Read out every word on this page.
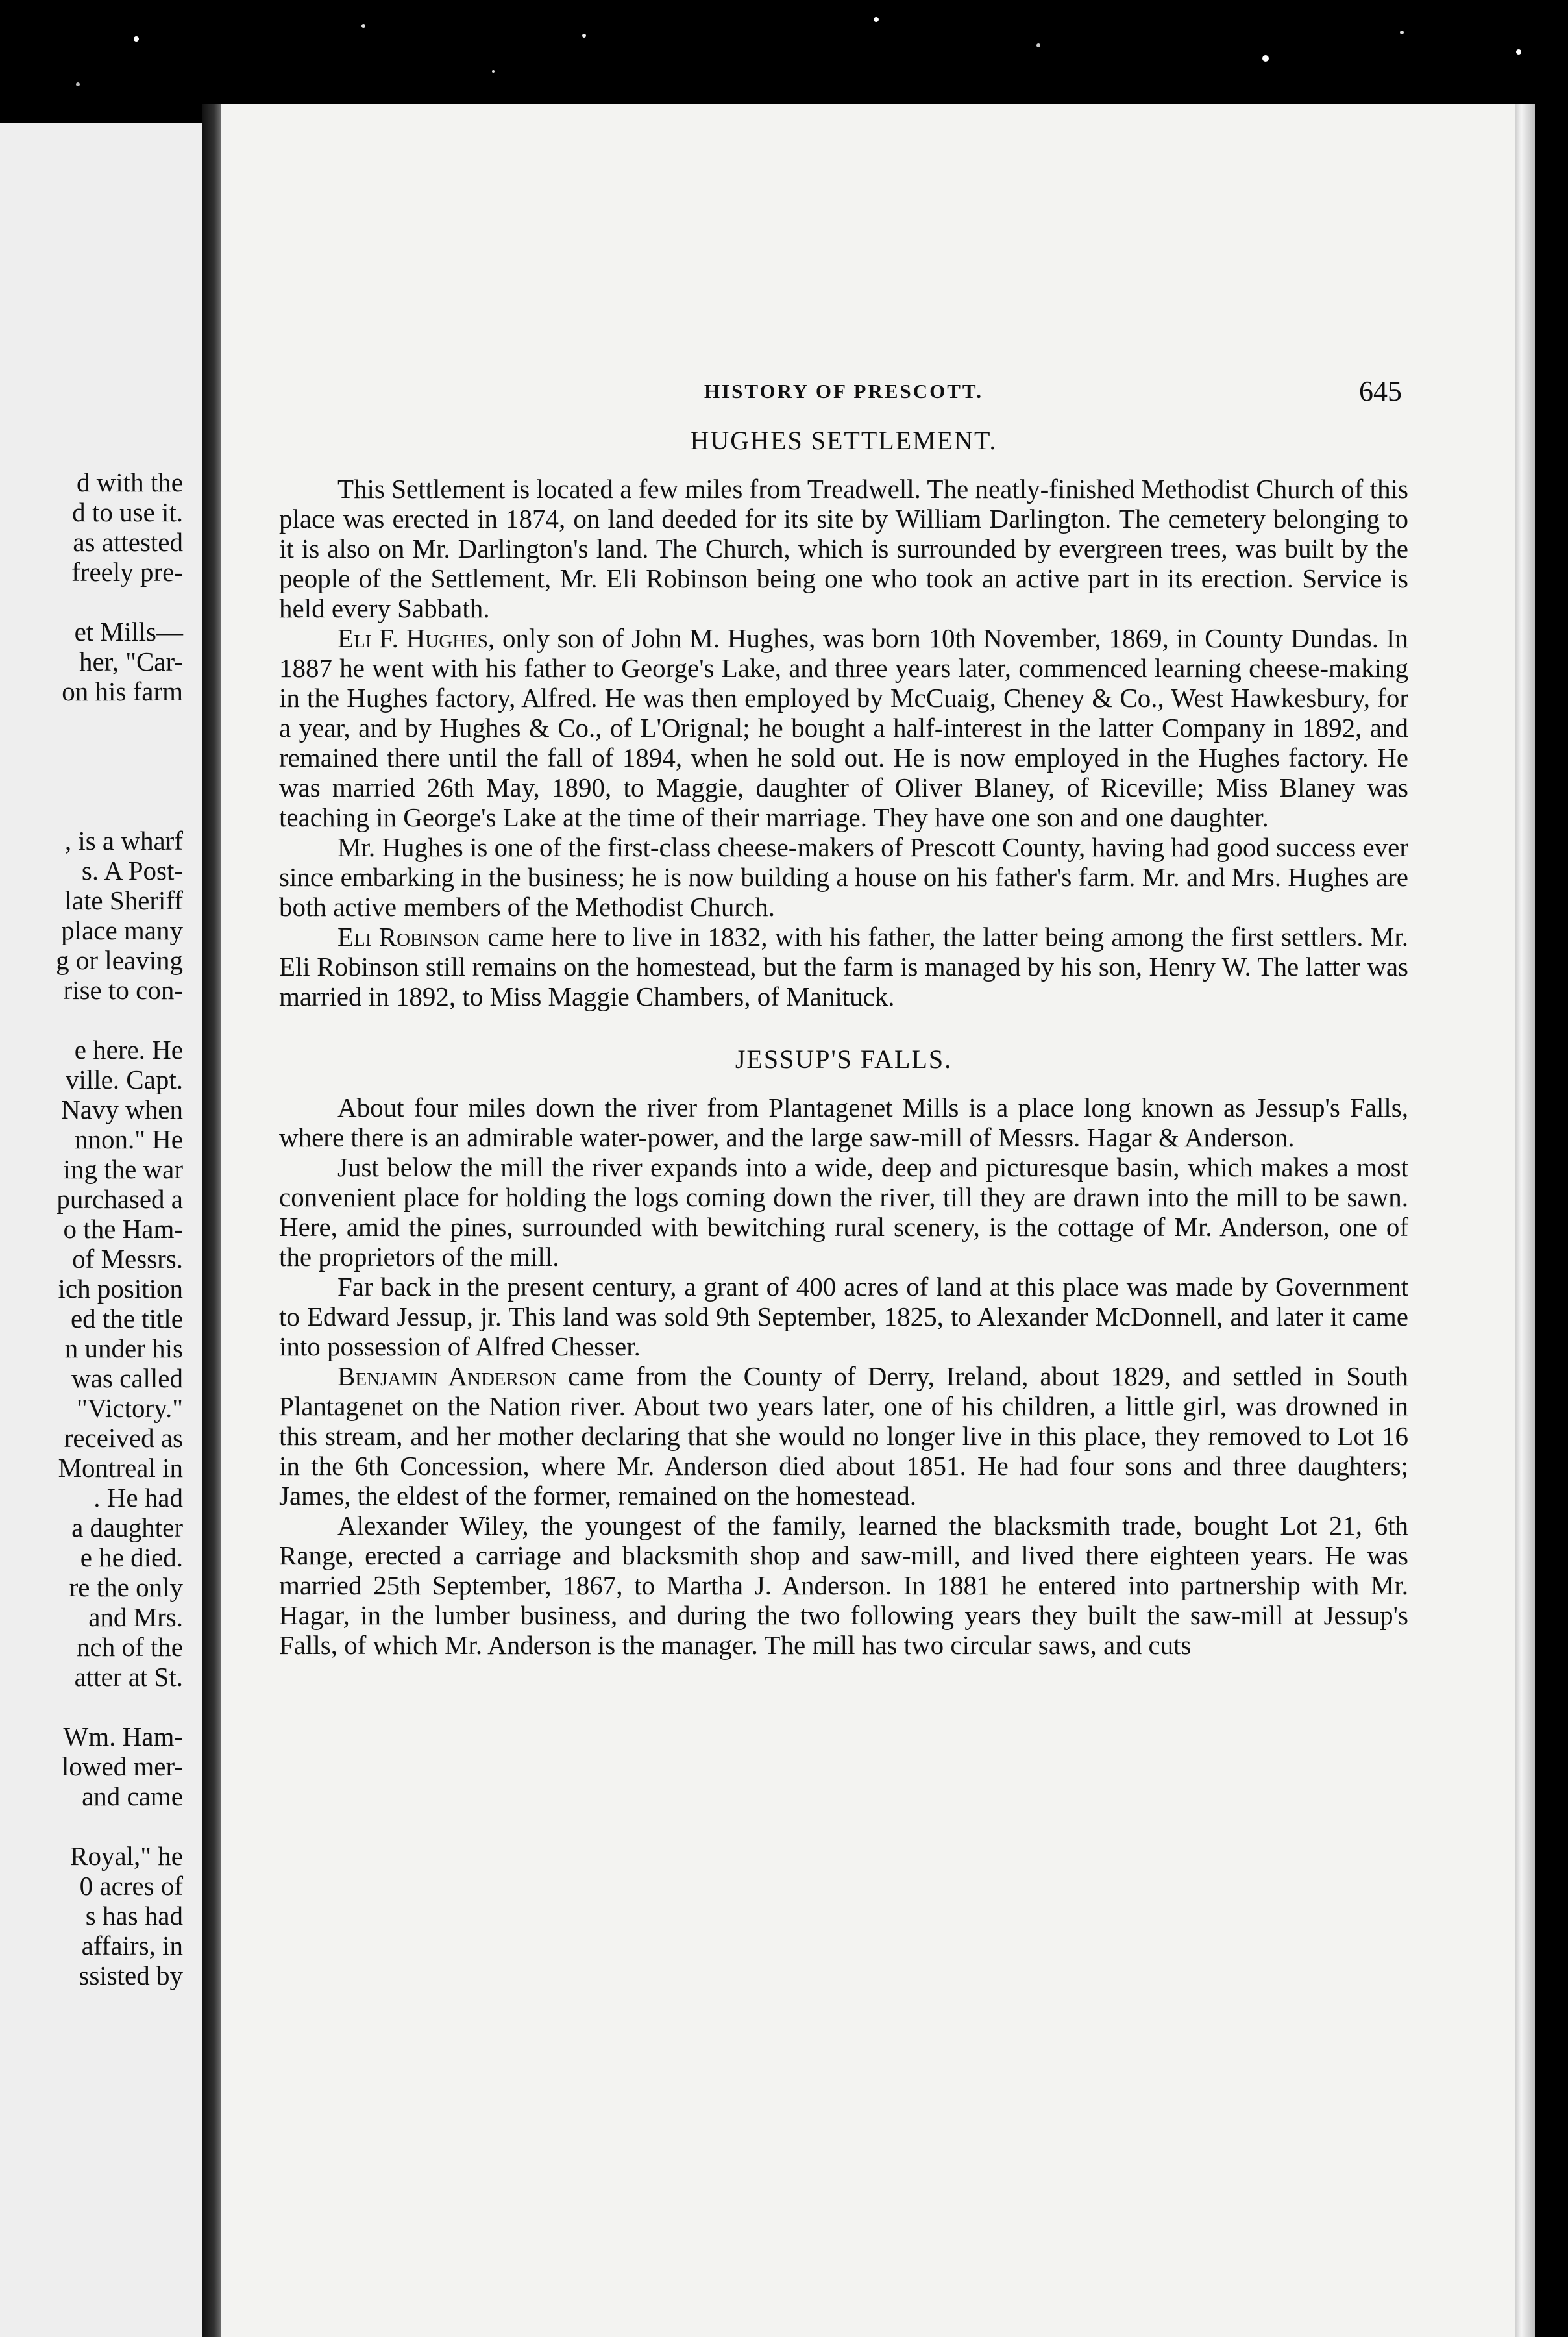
d with the
d to use it.
as attested
freely pre-

et Mills—
her, "Car-
on his farm

, is a wharf
s. A Post-
late Sheriff
place many
g or leaving
rise to con-

e here. He
ville. Capt.
Navy when
nnon." He
ing the war
purchased a
o the Ham-
of Messrs.
ich position
ed the title
n under his
was called
"Victory."
received as
Montreal in
. He had
a daughter
e he died.
re the only
and Mrs.
nch of the
atter at St.

Wm. Ham-
lowed mer-
and came

Royal," he
0 acres of
s has had
affairs, in
ssisted by
HISTORY OF PRESCOTT.	645
HUGHES SETTLEMENT.

This Settlement is located a few miles from Treadwell. The neatly-finished Methodist Church of this place was erected in 1874, on land deeded for its site by William Darlington. The cemetery belonging to it is also on Mr. Darlington's land. The Church, which is surrounded by evergreen trees, was built by the people of the Settlement, Mr. Eli Robinson being one who took an active part in its erection. Service is held every Sabbath.

Eli F. Hughes, only son of John M. Hughes, was born 10th November, 1869, in County Dundas. In 1887 he went with his father to George's Lake, and three years later, commenced learning cheese-making in the Hughes factory, Alfred. He was then employed by McCuaig, Cheney & Co., West Hawkesbury, for a year, and by Hughes & Co., of L'Orignal; he bought a half-interest in the latter Company in 1892, and remained there until the fall of 1894, when he sold out. He is now employed in the Hughes factory. He was married 26th May, 1890, to Maggie, daughter of Oliver Blaney, of Riceville; Miss Blaney was teaching in George's Lake at the time of their marriage. They have one son and one daughter.

Mr. Hughes is one of the first-class cheese-makers of Prescott County, having had good success ever since embarking in the business; he is now building a house on his father's farm. Mr. and Mrs. Hughes are both active members of the Methodist Church.

Eli Robinson came here to live in 1832, with his father, the latter being among the first settlers. Mr. Eli Robinson still remains on the homestead, but the farm is managed by his son, Henry W. The latter was married in 1892, to Miss Maggie Chambers, of Manituck.

JESSUP'S FALLS.

About four miles down the river from Plantagenet Mills is a place long known as Jessup's Falls, where there is an admirable water-power, and the large saw-mill of Messrs. Hagar & Anderson.

Just below the mill the river expands into a wide, deep and picturesque basin, which makes a most convenient place for holding the logs coming down the river, till they are drawn into the mill to be sawn. Here, amid the pines, surrounded with bewitching rural scenery, is the cottage of Mr. Anderson, one of the proprietors of the mill.

Far back in the present century, a grant of 400 acres of land at this place was made by Government to Edward Jessup, jr. This land was sold 9th September, 1825, to Alexander McDonnell, and later it came into possession of Alfred Chesser.

Benjamin Anderson came from the County of Derry, Ireland, about 1829, and settled in South Plantagenet on the Nation river. About two years later, one of his children, a little girl, was drowned in this stream, and her mother declaring that she would no longer live in this place, they removed to Lot 16 in the 6th Concession, where Mr. Anderson died about 1851. He had four sons and three daughters; James, the eldest of the former, remained on the homestead.

Alexander Wiley, the youngest of the family, learned the blacksmith trade, bought Lot 21, 6th Range, erected a carriage and blacksmith shop and saw-mill, and lived there eighteen years. He was married 25th September, 1867, to Martha J. Anderson. In 1881 he entered into partnership with Mr. Hagar, in the lumber business, and during the two following years they built the saw-mill at Jessup's Falls, of which Mr. Anderson is the manager. The mill has two circular saws, and cuts
